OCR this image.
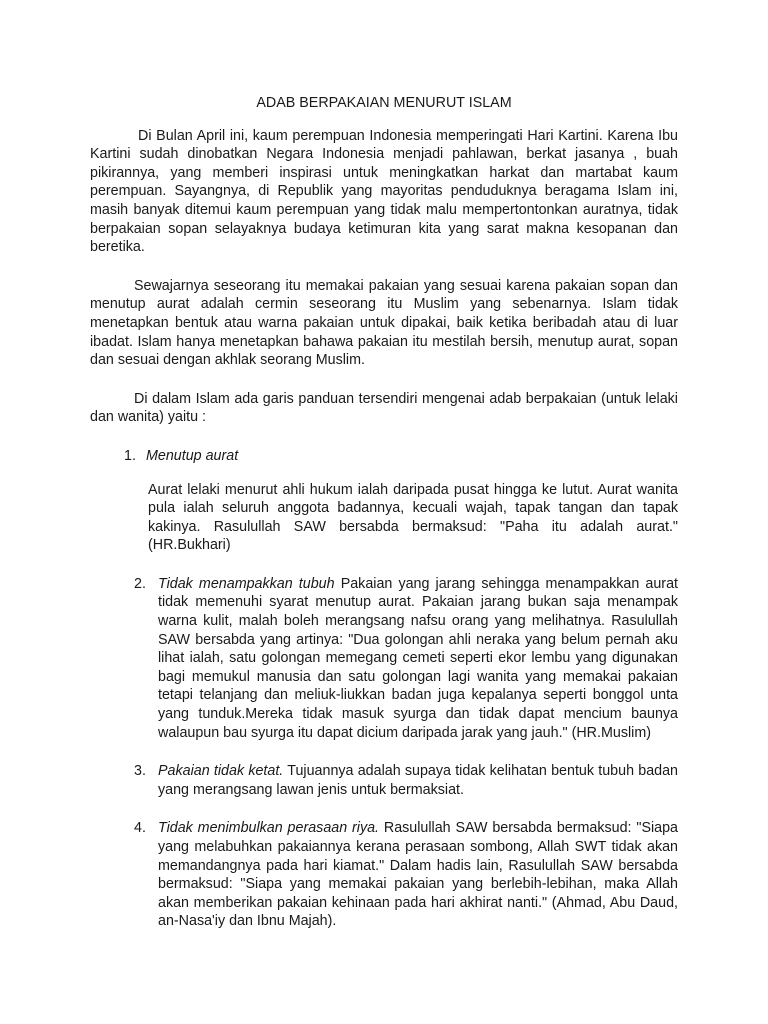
ADAB BERPAKAIAN MENURUT ISLAM

Di Bulan April ini, kaum perempuan Indonesia memperingati Hari Kartini. Karena Ibu Kartini sudah dinobatkan Negara Indonesia menjadi pahlawan, berkat jasanya , buah pikirannya, yang memberi inspirasi untuk meningkatkan harkat dan martabat kaum perempuan. Sayangnya, di Republik yang mayoritas penduduknya beragama Islam ini, masih banyak ditemui kaum perempuan yang tidak malu mempertontonkan auratnya, tidak berpakaian sopan selayaknya budaya ketimuran kita yang sarat makna kesopanan dan beretika.

Sewajarnya seseorang itu memakai pakaian yang sesuai karena pakaian sopan dan menutup aurat adalah cermin seseorang itu Muslim yang sebenarnya. Islam tidak menetapkan bentuk atau warna pakaian untuk dipakai, baik ketika beribadah atau di luar ibadat. Islam hanya menetapkan bahawa pakaian itu mestilah bersih, menutup aurat, sopan dan sesuai dengan akhlak seorang Muslim.

Di dalam Islam ada garis panduan tersendiri mengenai adab berpakaian (untuk lelaki dan wanita) yaitu :

1. Menutup aurat
Aurat lelaki menurut ahli hukum ialah daripada pusat hingga ke lutut. Aurat wanita pula ialah seluruh anggota badannya, kecuali wajah, tapak tangan dan tapak kakinya. Rasulullah SAW bersabda bermaksud: "Paha itu adalah aurat." (HR.Bukhari)
2. Tidak menampakkan tubuh Pakaian yang jarang sehingga menampakkan aurat tidak memenuhi syarat menutup aurat. Pakaian jarang bukan saja menampak warna kulit, malah boleh merangsang nafsu orang yang melihatnya. Rasulullah SAW bersabda yang artinya: "Dua golongan ahli neraka yang belum pernah aku lihat ialah, satu golongan memegang cemeti seperti ekor lembu yang digunakan bagi memukul manusia dan satu golongan lagi wanita yang memakai pakaian tetapi telanjang dan meliuk-liukkan badan juga kepalanya seperti bonggol unta yang tunduk.Mereka tidak masuk syurga dan tidak dapat mencium baunya walaupun bau syurga itu dapat dicium daripada jarak yang jauh." (HR.Muslim)
3. Pakaian tidak ketat. Tujuannya adalah supaya tidak kelihatan bentuk tubuh badan yang merangsang lawan jenis untuk bermaksiat.
4. Tidak menimbulkan perasaan riya. Rasulullah SAW bersabda bermaksud: "Siapa yang melabuhkan pakaiannya kerana perasaan sombong, Allah SWT tidak akan memandangnya pada hari kiamat." Dalam hadis lain, Rasulullah SAW bersabda bermaksud: "Siapa yang memakai pakaian yang berlebih-lebihan, maka Allah akan memberikan pakaian kehinaan pada hari akhirat nanti." (Ahmad, Abu Daud, an-Nasa'iy dan Ibnu Majah).
